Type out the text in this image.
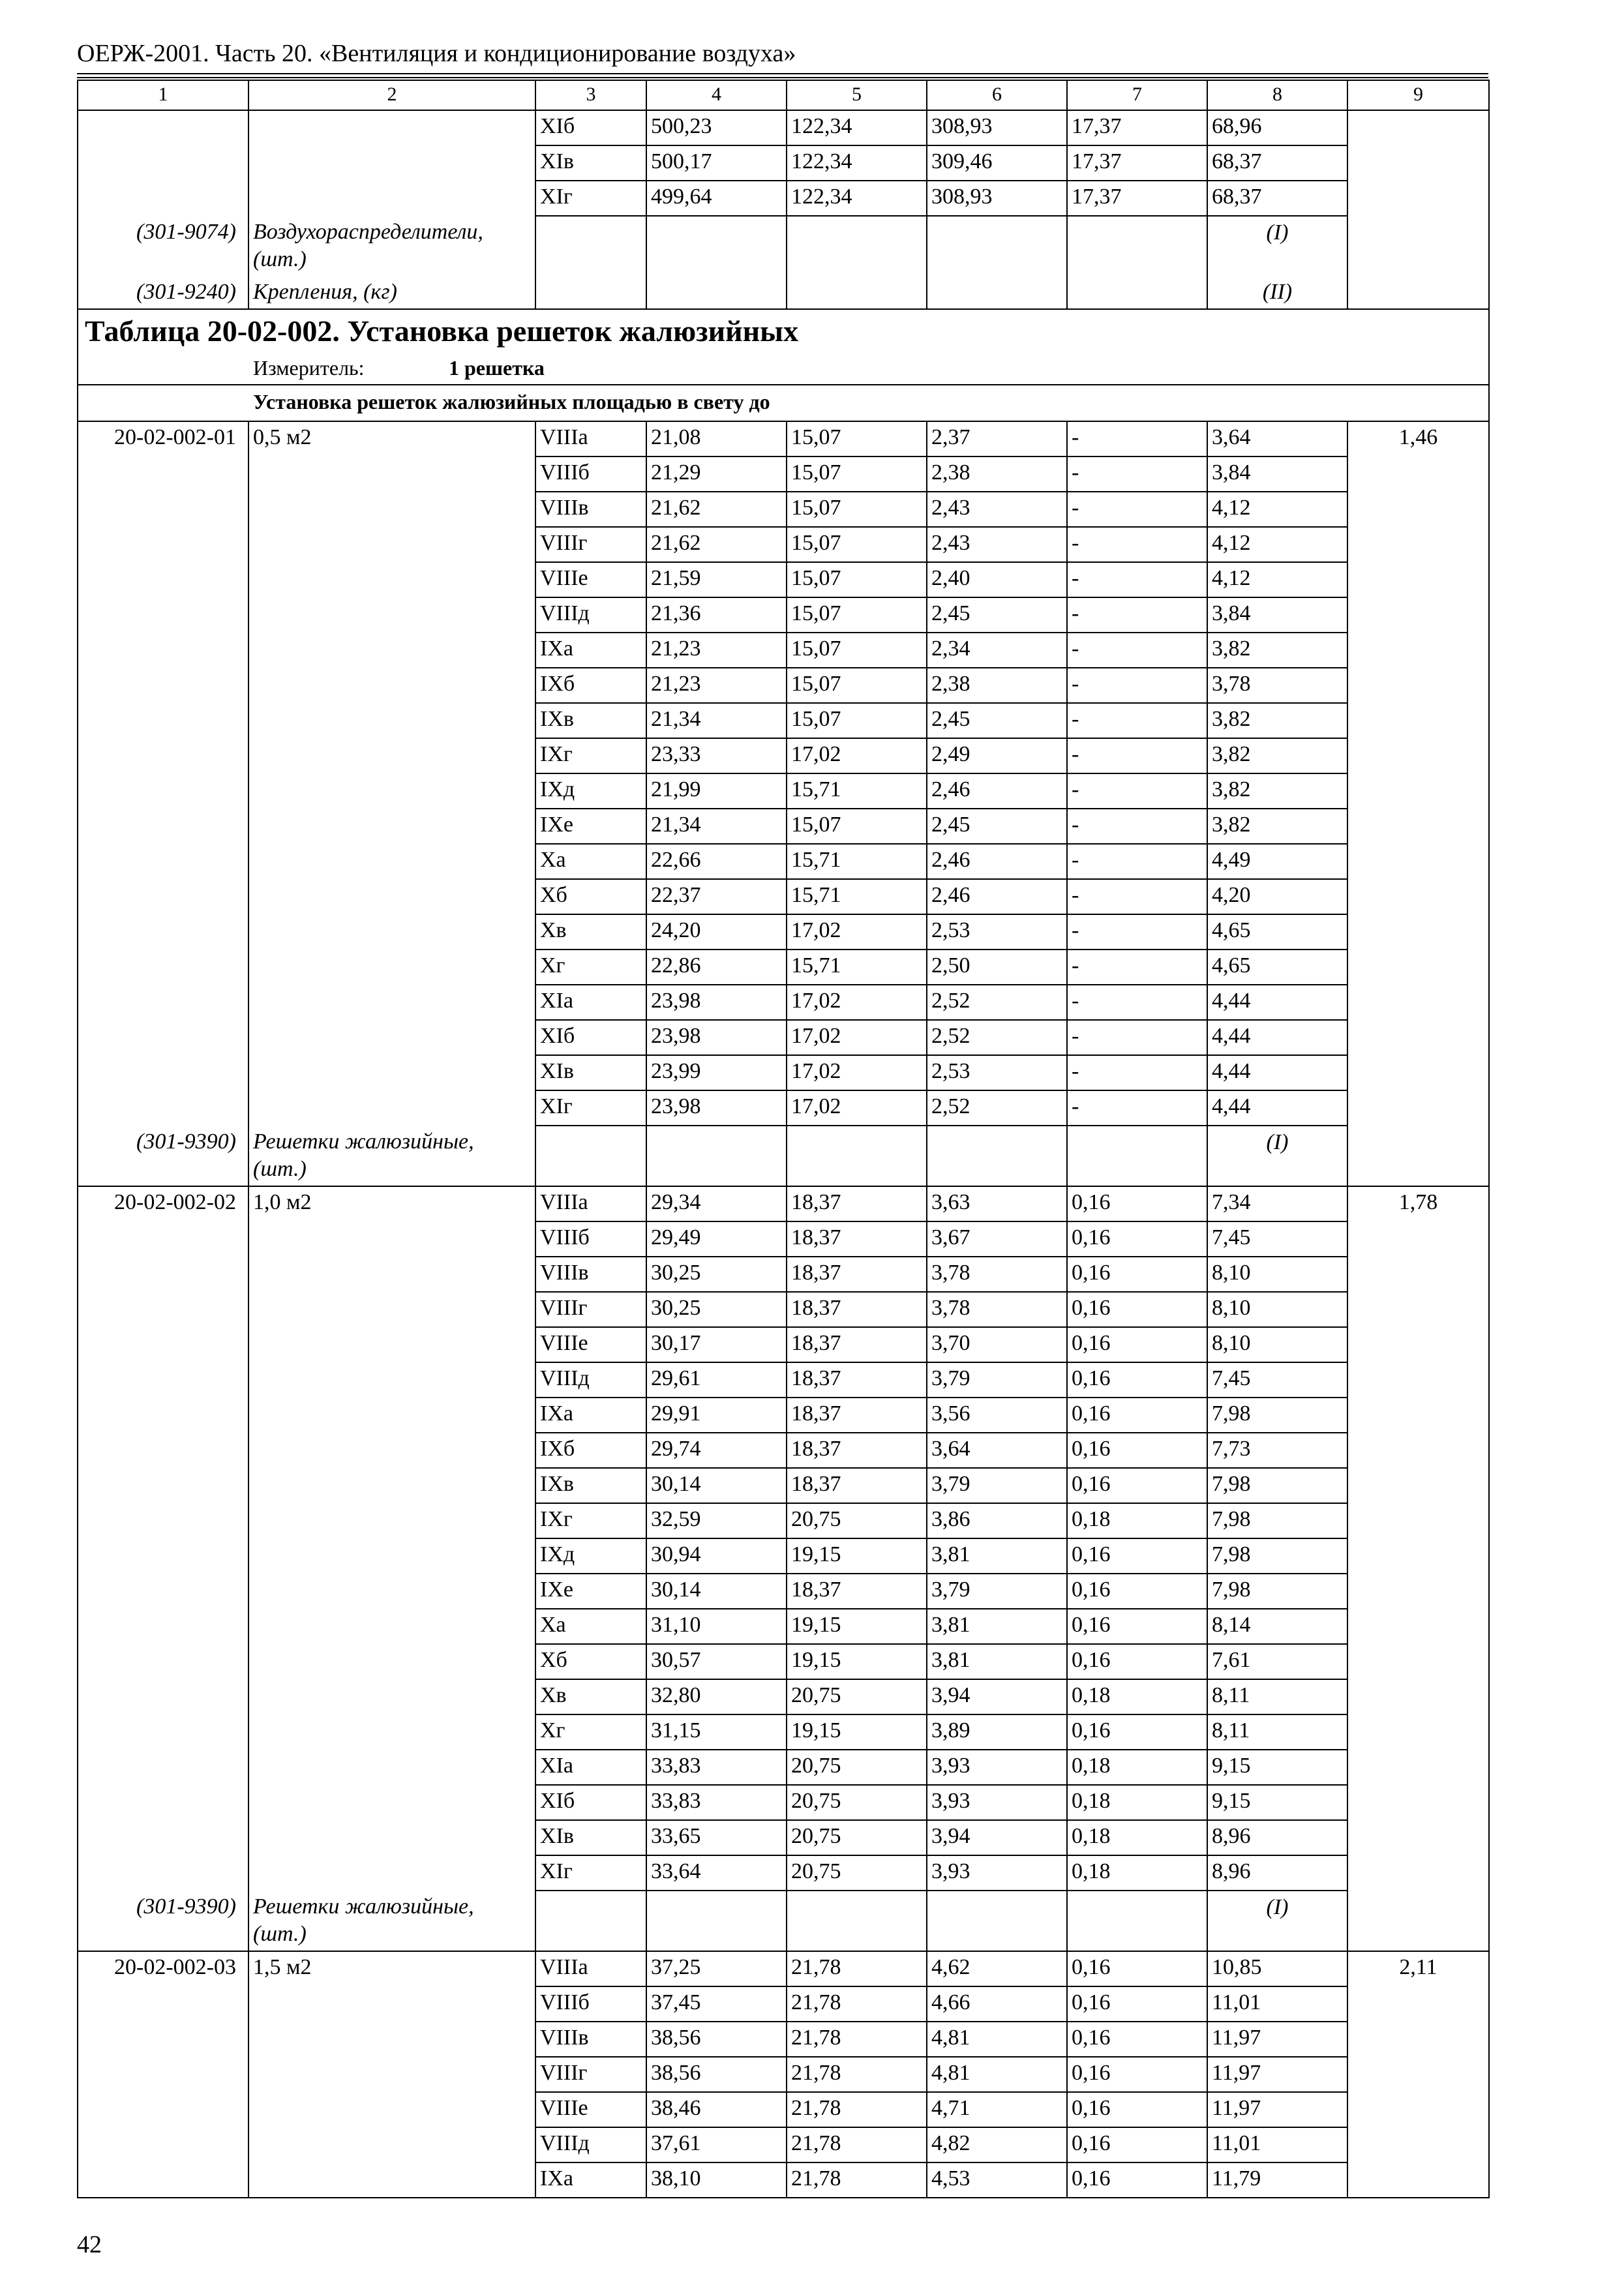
ОЕРЖ-2001. Часть 20. «Вентиляция и кондиционирование воздуха»
1	2	3	4	5	6	7	8	9
		XIб	500,23	122,34	308,93	17,37	68,96	
		XIв	500,17	122,34	309,46	17,37	68,37	
		XIг	499,64	122,34	308,93	17,37	68,37	
(301-9074)	Воздухораспределители, (шт.)						(I)	
(301-9240)	Крепления, (кг)						(II)	
Таблица 20-02-002. Установка решеток жалюзийных								
Измеритель: 1 решетка								
Установка решеток жалюзийных площадью в свету до								
20-02-002-01	0,5 м2	VIIIа	21,08	15,07	2,37	-	3,64	1,46
		VIIIб	21,29	15,07	2,38	-	3,84	
		VIIIв	21,62	15,07	2,43	-	4,12	
		VIIIг	21,62	15,07	2,43	-	4,12	
		VIIIе	21,59	15,07	2,40	-	4,12	
		VIIIд	21,36	15,07	2,45	-	3,84	
		IXа	21,23	15,07	2,34	-	3,82	
		IXб	21,23	15,07	2,38	-	3,78	
		IXв	21,34	15,07	2,45	-	3,82	
		IXг	23,33	17,02	2,49	-	3,82	
		IXд	21,99	15,71	2,46	-	3,82	
		IXе	21,34	15,07	2,45	-	3,82	
		Xа	22,66	15,71	2,46	-	4,49	
		Xб	22,37	15,71	2,46	-	4,20	
		Xв	24,20	17,02	2,53	-	4,65	
		Xг	22,86	15,71	2,50	-	4,65	
		XIа	23,98	17,02	2,52	-	4,44	
		XIб	23,98	17,02	2,52	-	4,44	
		XIв	23,99	17,02	2,53	-	4,44	
		XIг	23,98	17,02	2,52	-	4,44	
(301-9390)	Решетки жалюзийные, (шт.)						(I)	
20-02-002-02	1,0 м2	VIIIа	29,34	18,37	3,63	0,16	7,34	1,78
		VIIIб	29,49	18,37	3,67	0,16	7,45	
		VIIIв	30,25	18,37	3,78	0,16	8,10	
		VIIIг	30,25	18,37	3,78	0,16	8,10	
		VIIIе	30,17	18,37	3,70	0,16	8,10	
		VIIIд	29,61	18,37	3,79	0,16	7,45	
		IXа	29,91	18,37	3,56	0,16	7,98	
		IXб	29,74	18,37	3,64	0,16	7,73	
		IXв	30,14	18,37	3,79	0,16	7,98	
		IXг	32,59	20,75	3,86	0,18	7,98	
		IXд	30,94	19,15	3,81	0,16	7,98	
		IXе	30,14	18,37	3,79	0,16	7,98	
		Xа	31,10	19,15	3,81	0,16	8,14	
		Xб	30,57	19,15	3,81	0,16	7,61	
		Xв	32,80	20,75	3,94	0,18	8,11	
		Xг	31,15	19,15	3,89	0,16	8,11	
		XIа	33,83	20,75	3,93	0,18	9,15	
		XIб	33,83	20,75	3,93	0,18	9,15	
		XIв	33,65	20,75	3,94	0,18	8,96	
		XIг	33,64	20,75	3,93	0,18	8,96	
(301-9390)	Решетки жалюзийные, (шт.)						(I)	
20-02-002-03	1,5 м2	VIIIа	37,25	21,78	4,62	0,16	10,85	2,11
		VIIIб	37,45	21,78	4,66	0,16	11,01	
		VIIIв	38,56	21,78	4,81	0,16	11,97	
		VIIIг	38,56	21,78	4,81	0,16	11,97	
		VIIIе	38,46	21,78	4,71	0,16	11,97	
		VIIIд	37,61	21,78	4,82	0,16	11,01	
		IXа	38,10	21,78	4,53	0,16	11,79	
42
